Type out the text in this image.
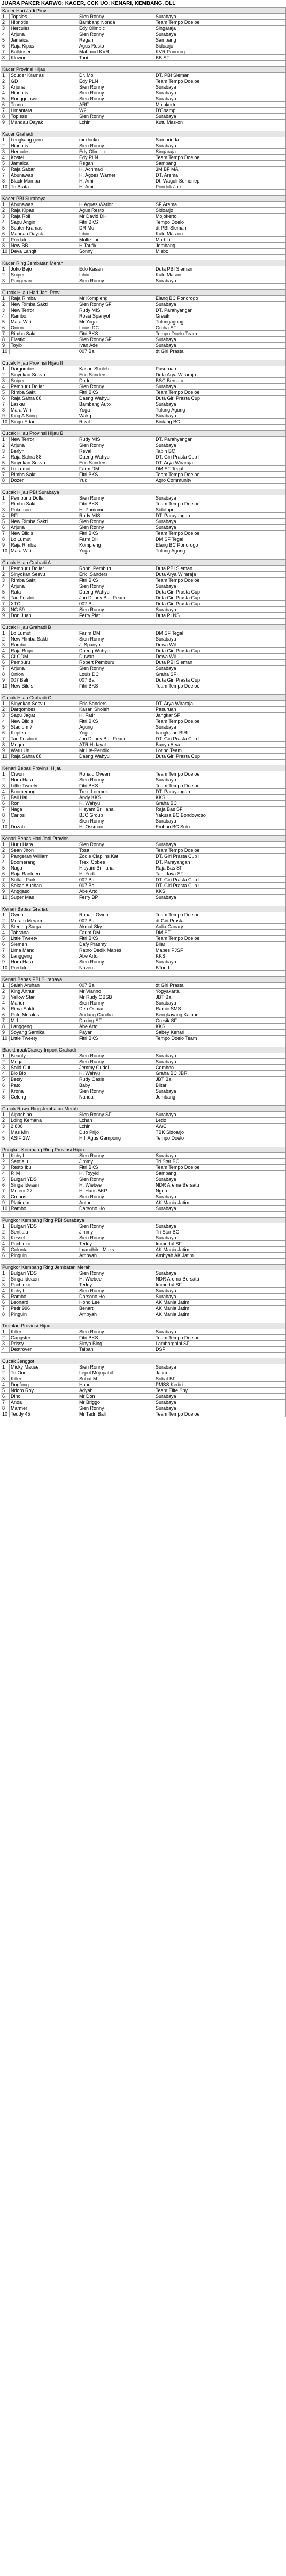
JUARA PAKER KARWO: KACER, CCK UO, KENARI, KEMBANG, DLL
Kacer Hari Jadi Prov			
1	Topsles	Sien Ronny	Surabaya
2	Hipnotis	Bambang Nonda	Team Tempo Doeloe
3	Hercules	Edy Olimpic	Singaraja
4	Arjuna	Sien Ronny	Surabaya
5	Jamaica	Regan	Sampang
6	Raja Kipas	Agus Resto	Sidoarjo
7	Bulldoser	Mahmud KVR	KVR Ponorog
8	Klowon	Toni	BB SF

Kacer Provinsi Hijau			
1	Scuder Kramas	Dr. Mo	DT. PBI Sleman
2	GD	Edy PLN	Team Tempo Doeloe
3	Arjuna	Sien Ronny	Surabaya
4	Hipnotis	Sien Ronny	Surabaya
5	Ronggolawe	Sien Ronny	Surabaya
6	Truno	ARF	Mojokerto
7	Limantara	W2	D'Champ
8	Topless	Sien Ronny	Surabaya
9	Mandau Dayak	Lchin	Kutu Mas-on

Kacer Grahadi			
1	Lengkang gero	mr docko	Samarinda
2	Hipnotis	Sien Ronny	Surabaya
3	Hercules	Edy Olimpic	Singaraja
4	Kostel	Edy PLN	Team Tempo Doeloe
5	Jamaica	Regan	Sampang
6	Raja Sabar	H. Achmad	3M BF MA
7	Abunawas	H. Agoes Warner	DT. Arema
8	Black Mamba	H. Amir	Dt. Waguli Sumenep
10	Tri Brata	H. Amir	Pondok Jati

Kacer PBI Surabaya			
1	Abunawas	H.Agues Warior	SF Arema
2	Raja Kipas	Agus Resto	Sidoarjo
3	Raja Roll	Mr David DH	Mojokerto
4	Sapu Angin	Fitri BKS	Tempo Doelo
5	Scuter Kramas	DR Mo	dt PBI Sleman
6	Mandau Dayak	Ichin	Kutu Mas-on
7	Predator	Mulfizhan	Mart Lit
8	New BB	H Taufik	Jombang
10	Deva Langit	Sonny	Misbc

Kacer Ring Jembatan Merah			
1	Joko Bejo	Edo Kasan	Duta PBI Sleman
2	Sniper	Ichin	Kutu Mason
3	Pangeran	Sien Ronny	Surabaya

Cucak Hijau Hari Jadi Prov			
1	Raja Rimba	Mr Kompleng	Elang BC Ponorogo
2	New Rimba Sakti	Sien Ronny SF	Surabaya
3	New Terror	Rudy MIS	DT. Parahyangan
4	Rambo	Rossi Spanyol	Gresik
5	Mara Wiri	Mr Yoga	Tulungagung
6	Onion	Louis DC	Graha SF
7	Rimba Sakti	Fitri BKS	Tempo Doelo Team
8	Elastic	Sien Ronny SF	Surabaya
9	Toyib	Ivan Ade	Surabaya
10		007 Bali	dt Giri Prasta

Cucak Hijau Provinsi Hijau II			
1	Dargombes	Kasan Sholeh	Pasuruan
2	Sinyokan Sesvu	Eric Sanders	Duta Arya Wiraraja
3	Sniper	Dodo	BSC Bersatu
4	Pemburu Dollar	Sien Ronny	Surabaya
5	Rimba Sakti	Fitri BKS	Team Tempo Doeloe
6	Raja Sahra 88	Daeng Wahyu	Duta Giri Prasta Cup
7	Laskar	Bambang Auto	Surabaya
8	Mara Wiri	Yoga	Tulung Agung
9	King A Song	Wakq	Surabaya
10	Singo Edan	Rizal	Bintang BC

Cucak Hijau Provinsi Hijau B			
1	New Terror	Rudy MIS	DT. Parahyangan
2	Arjuna	Sien Ronny	Surabaya
3	Berlyn	Reval	Tapin BC
4	Raja Sahra 88	Daeng Wahyu	DT. Giri Prasta Cup I
5	Sinyokan Sesvu	Eric Sanders	DT. Arya Wiraraja
6	Lo Lumut	Farm DM	DM SF Tegal
7	Rimba Sakti	Fitri BKS	Team Tempo Doeloe
8	Dozer	Yudi	Agro Community

Cucak Hijau PBI Surabaya			
1	Pembunu Dollar	Sien Ronny	Surabaya
2	Rimba Sakti	Fitri BKS	Team Tempo Doeloe
3	Pokemon	H. Pomomo	Sidotopo
4	RFI	Rudy MIS	DT. Parayangan
5	New Rimba Sakti	Sien Ronny	Surabaya
6	Arjuna	Sien Ronny	Surabaya
7	New Bilqis	Fitri BKS	Team Tempo Doeloe
8	Lo Lumut	Farm DH	DM SF Tegal
9	Raja Rimba	Kompleng	Elang BC Ponorogo
10	Mara Wiri	Yoga	Tulung Agung

Cucak Hijau Grahadi A			
1	Pemburu Dollar	Ronni Pemburu	Duta PBI Sleman
2	Sinyokan Sesvu	Erici Sanders	Duta Arya Wiraraja
3	Rimba Sakti	Fitri BKS	Team Tempo Doeloe
4	Arjuna	Sien Ronny	Surabaya
5	Rafa	Daeng Wahyu	Duta Giri Prasta Cup
6	Tan Fosdoti	Jon Dendy Bali Peace	Duta Giri Prasta Cup
7	XTC	007 Bali	Duta Giri Prasta Cup
8	NG 59	Sien Ronny	Surabaya
9	Don Juan	Ferry Plat L	Duta PLNS

Cucak Hijau Grahadi B			
1	Lo Lumut	Farim DM	DM SF Tegal
2	New Rimba Sakti	Sien Ronny	Surabaya
3	Rambo	Ji Spanyol	Dewa Wil
4	Raja Bugo	Daeng Wahyu	Duta Giri Prasta Cup
5	CLGDM	Duwan	Dewa Wil
6	Pemburu	Robert Pemburu	Duta PBI Sleman
7	Arjuna	Sien Ronny	Surabaya
8	Onion	Louis DC	Graha SF
9	007 Bali	007 Bali	Duta Giri Prasta Cup
10	New Bilqis	Fitri BKS	Team Tempo Doeloe

Cucak Hijau Grahadi C			
1	Sinyokan Sesvu	Eric Sanders	DT. Arya Wiraraja
2	Dargombes	Kasan Sholeh	Pasuruan
3	Sapu Jagat	H. Fatir	Jangkar SF
4	New Bilqis	Fitri BKS	Team Tempo Doeloe
5	Stadium 7	Agung	Surabaya
6	Kapten	Yogi	bangkalan BIRI
7	Tan Fosdorri	Jon Dendy Bali Peace	DT. Giri Prasta Cup I
8	Mngen	ATR Hidayat	Banyu Arya
9	Waru Un	Mr Lie-Pendik	Lotino Team
10	Raja Sahra 88	Daeng Wahyu	Duta Giri Prasta Cup

Kenari Bebas Provinsi Hijau			
1	Ciwon	Ronald Oveen	Team Tempo Doeloe
2	Huru Hara	Sien Ronny	Surabaya
3	Little Tweety	Fitri BKS	Team Tempo Doeloe
4	Boomerang	Trexi Lombok	DT. Parayangan
5	Ball Hai	Andy KKS	KKS
6	Roni	H. Wahyu	Graha BC
7	Naga	Hisyam Brilliana	Raja Bas SF
8	Carlos	BJC Group	Yakusa BC Bondowoso
9		Sien Ronny	Surabaya
10	Dozah	H. Ossman	Embun BC Solo

Kenari Bebas Hari Jadi Provinsi			
1	Huru Hara	Sien Ronny	Surabaya
2	Sean Jhon	Tosa	Team Tempo Doeloe
3	Pangeran William	Zodie Ciaplins Kat	DT. Giri Prasta Cup I
4	Boomerang	Trexi Cobee	DT. Parayangan
5	Naga	Hisyam Brilliana	Raja Bas SF
6	Raja Banteen	H. Yudi	Tani Jaya SF
7	Sultan Park	007 Bali	DT. Giri Prasta Cup I
8	Sekah Auchan	007 Bali	DT. Giri Prasta Cup I
9	Anggaso	Abe Arto	KKS
10	Super Mas	Ferry BP	Surabaya

Kenari Bebas Grahadi			
1	Owen	Ronald Owen	Team Tempo Doeloe
2	Meram Meram	007 Bali	dt Giri Prasta
3	Sterling Surga	Akmal Sky	Aulia Canary
4	Tabsana	Farim DM	DM SF
5	Little Tweety	Fitri BKS	Team Tempo Doeloe
6	Siemen	Dafy Prasmy	Bllar
7	Lima Mandi	Ratno Dedik Mabes	Mabes PJSF
8	Langgeng	Abe Arto	KKS
9	Huru Hara	Sien Ronny	Surabaya
10	Predator	Naven	BTood

Kenari Bebas PBI Surabaya			
1	Salah Aruhan	007 Bali	dt Giri Prasta
2	King Arthur	Mr Vianno	Yogyakarta
3	Yellow Star	Mr Rudy OBSB	JBT Bali
4	Marion	Sien Ronny	Surabaya
5	Rima Sakti	Den Osmar	Ramic SMS
6	Pato Morales	Andang Candra	Bengkayang Kalbar
7	M 1	Doxing SF	Gresik SF
8	Langgeng	Abe Arto	KKS
9	Soyang Sarnika	Payan	Sabey Kenari
10	Little Tweety	Fitri BKS	Tempo Doelo Team

Blackthroat/Cianey Import Grahadi			
1	Beauty	Sien Ronny	Surabaya
2	Mega	Sien Ronny	Surabaya
3	Solid Out	Jemmy Gudel	Combeo
4	Bio Bio	H. Wahyu	Graha BC JBR
5	Betsy	Rudy Oasis	JBT Bali
6	Pato	Baby	Blitar
7	Krona	Sien Ronny	Surabaya
8	Celeng	Nanda	Jombang

Cucak Rawa Ring Jembatan Merah			
1	Alpachino	Sien Ronny SF	Surabaya
2	Lding Kemana	Lchan	Ledo
3	2 800	Lchin	AWC
4	Mas Min	Duo Prijo	TBK Sidoarjo
5	ASIF 2W	H Il Agus Gampong	Tempo Doelo

Pungkor Kembang Ring Provinsi Hijau			
1	Kahyil	Sien Ronny	Surabaya
2	Sentialu	Jimmy	Tri Star BC
3	Resto Ibu	Fitri BKS	Team Tempo Doeloe
4	P. M	H. Toyyid	Sampang
5	Bulgari YDS	Sien Ronny	Surabaya
6	Singa Ideaen	H. Wiebee	NDR Arema Bersatu
7	Meteor 27	H. Haris AKP	Ngoro
8	Cronos	Sien Ronny	Surabaya
9	Platinum	Anton	AK Mania Jatim
10	Rambo	Darsono Ho	Surabaya

Pungkor Kembang Ring PBI Surabaya			
1	Bulgari YDS	Sien Ronny	Surabaya
2	Sentialu	Jimmy	Tri Star BC
3	Kessel	Sien Ronny	Surabaya
4	Pachinko	Teddy	Immortal SF
5	Golonta	Imandhiko Maks	AK Mania Jatim
6	Pinguin	Ambyah	Ambyah AK Jatim

Pungkor Kembang Ring Jembatan Merah			
1	Bulgari YDS	Sien Ronny	Surabaya
2	Singa Ideaen	H. Wiebee	NDR Arema Bersatu
3	Pachinko	Teddy	Immortal SF
4	Kahyil	Sien Ronny	Surabaya
5	Rambo	Darsono Ho	Surabaya
6	Leonard	Hoho Lee	AK Mania Jatim
7	Petir 996	Benart	AK Mania Jatim
8	Pinguin	Ambyah	AK Mania Jatim

Trotolan Provinsi Hijau			
1	Killer	Sien Ronny	Surabaya
2	Gangster	Fitri BKS	Team Tempo Doeloe
3	Prissy	Sinyo Bing	Lamborghini SF
4	Destroyer	Taipan	DSF

Cucak Jenggot			
1	Micky Mause	Sien Ronny	Surabaya
2	Tri One	Lepol Mojopahit	Jatim
3	Killer	Sobat M	Sobat BF
4	Dogfong	Hanu	PMSS Kediri
5	Ndoro Roy	Adyah	Team Elite Shy
6	Dino	Mr Don	Surabaya
7	Anoa	Mr Briggo	Surabaya
8	Marmer	Sien Ronny	Surabaya
10	Teddy 45	Mr Tadri Bali	Team Tempo Doeloe
